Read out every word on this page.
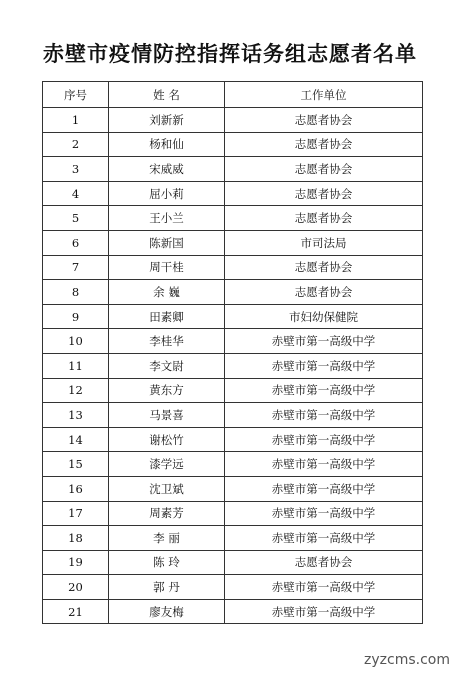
赤壁市疫情防控指挥话务组志愿者名单
序号	姓 名	工作单位
1	刘新新	志愿者协会
2	杨和仙	志愿者协会
3	宋威威	志愿者协会
4	屈小莉	志愿者协会
5	王小兰	志愿者协会
6	陈新国	市司法局
7	周干桂	志愿者协会
8	余 巍	志愿者协会
9	田素卿	市妇幼保健院
10	李桂华	赤壁市第一高级中学
11	李文尉	赤壁市第一高级中学
12	黄东方	赤壁市第一高级中学
13	马景喜	赤壁市第一高级中学
14	谢松竹	赤壁市第一高级中学
15	漆学远	赤壁市第一高级中学
16	沈卫斌	赤壁市第一高级中学
17	周素芳	赤壁市第一高级中学
18	李 丽	赤壁市第一高级中学
19	陈 玲	志愿者协会
20	郭 丹	赤壁市第一高级中学
21	廖友梅	赤壁市第一高级中学
zyzcms.com
